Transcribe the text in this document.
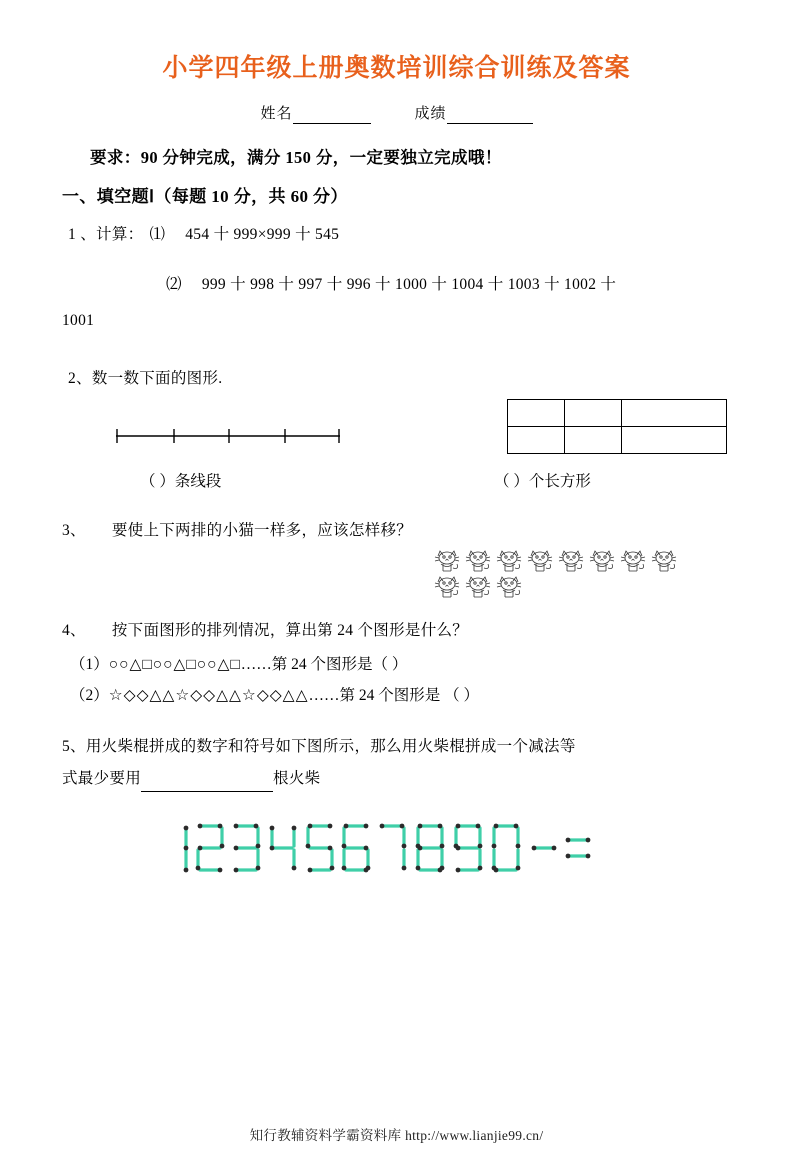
小学四年级上册奥数培训综合训练及答案
姓名	成绩
要求：90 分钟完成，满分 150 分，一定要独立完成哦！
一、填空题Ⅰ（每题 10 分，共 60 分）
1 、计算： ⑴ 454 十 999×999 十 545
⑵ 999 十 998 十 997 十 996 十 1000 十 1004 十 1003 十 1002 十
1001
2、数一数下面的图形.

（ ）条线段	（ ）个长方形
3、 要使上下两排的小猫一样多，应该怎样移？
4、 按下面图形的排列情况，算出第 24 个图形是什么？
（1）○○△□○○△□○○△□……第 24 个图形是（ ）
（2）☆◇◇△△☆◇◇△△☆◇◇△△……第 24 个图形是 （ ）
5、用火柴棍拼成的数字和符号如下图所示，那么用火柴棍拼成一个减法等
式最少要用	根火柴
知行教辅资料学霸资料库 http://www.lianjie99.cn/
